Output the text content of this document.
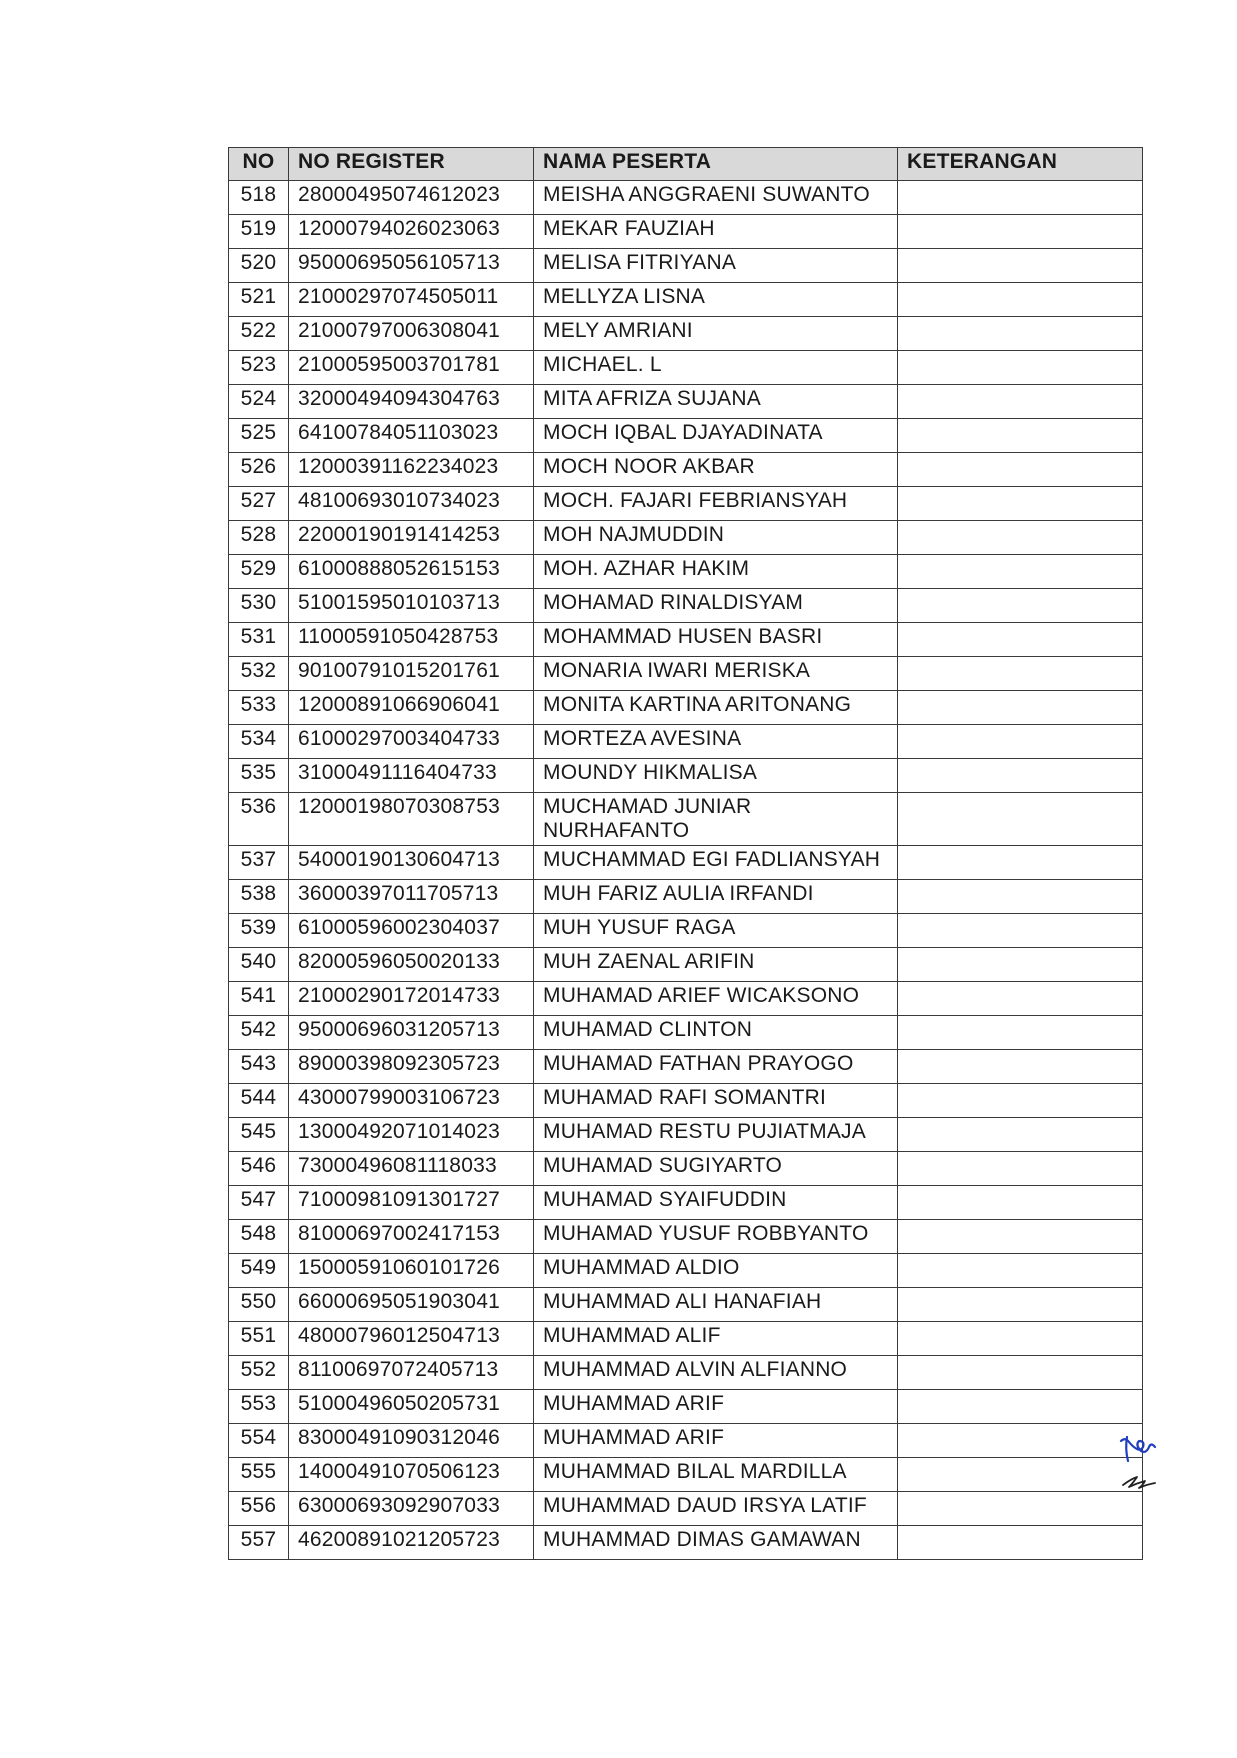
NO	NO REGISTER	NAMA PESERTA	KETERANGAN
518	28000495074612023	MEISHA ANGGRAENI SUWANTO	
519	12000794026023063	MEKAR FAUZIAH	
520	95000695056105713	MELISA FITRIYANA	
521	21000297074505011	MELLYZA LISNA	
522	21000797006308041	MELY AMRIANI	
523	21000595003701781	MICHAEL. L	
524	32000494094304763	MITA AFRIZA SUJANA	
525	64100784051103023	MOCH IQBAL DJAYADINATA	
526	12000391162234023	MOCH NOOR AKBAR	
527	48100693010734023	MOCH. FAJARI FEBRIANSYAH	
528	22000190191414253	MOH NAJMUDDIN	
529	61000888052615153	MOH. AZHAR HAKIM	
530	51001595010103713	MOHAMAD RINALDISYAM	
531	11000591050428753	MOHAMMAD HUSEN BASRI	
532	90100791015201761	MONARIA IWARI MERISKA	
533	12000891066906041	MONITA KARTINA ARITONANG	
534	61000297003404733	MORTEZA AVESINA	
535	31000491116404733	MOUNDY HIKMALISA	
536	12000198070308753	MUCHAMAD JUNIAR NURHAFANTO	
537	54000190130604713	MUCHAMMAD EGI FADLIANSYAH	
538	36000397011705713	MUH FARIZ AULIA IRFANDI	
539	61000596002304037	MUH YUSUF RAGA	
540	82000596050020133	MUH ZAENAL ARIFIN	
541	21000290172014733	MUHAMAD ARIEF WICAKSONO	
542	95000696031205713	MUHAMAD CLINTON	
543	89000398092305723	MUHAMAD FATHAN PRAYOGO	
544	43000799003106723	MUHAMAD RAFI SOMANTRI	
545	13000492071014023	MUHAMAD RESTU PUJIATMAJA	
546	73000496081118033	MUHAMAD SUGIYARTO	
547	71000981091301727	MUHAMAD SYAIFUDDIN	
548	81000697002417153	MUHAMAD YUSUF ROBBYANTO	
549	15000591060101726	MUHAMMAD ALDIO	
550	66000695051903041	MUHAMMAD ALI HANAFIAH	
551	48000796012504713	MUHAMMAD ALIF	
552	81100697072405713	MUHAMMAD ALVIN ALFIANNO	
553	51000496050205731	MUHAMMAD ARIF	
554	83000491090312046	MUHAMMAD ARIF	
555	14000491070506123	MUHAMMAD BILAL MARDILLA	
556	63000693092907033	MUHAMMAD DAUD IRSYA LATIF	
557	46200891021205723	MUHAMMAD DIMAS GAMAWAN	
